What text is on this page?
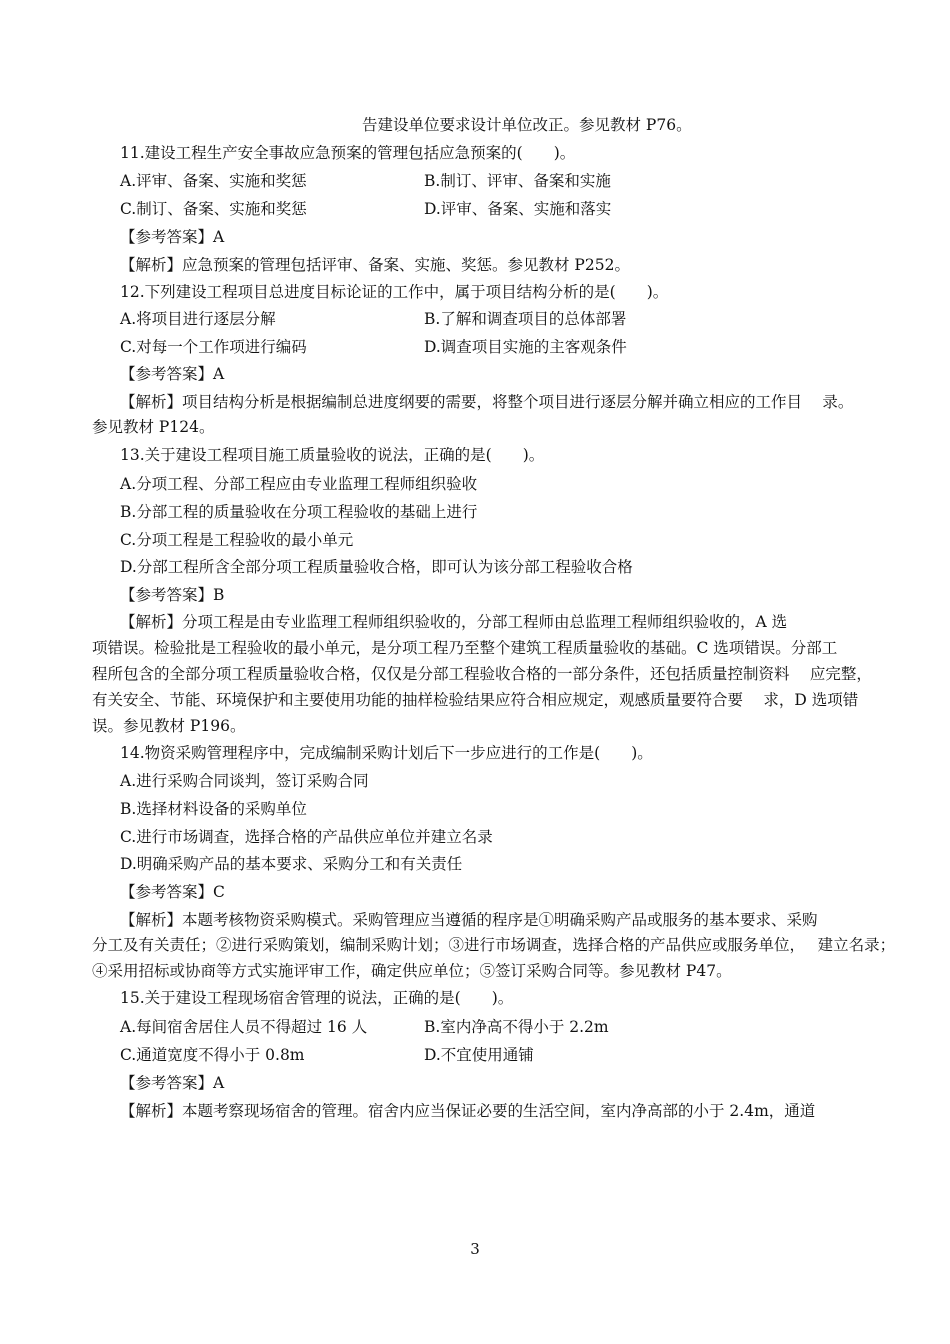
告建设单位要求设计单位改正。参见教材 P76。
11.建设工程生产安全事故应急预案的管理包括应急预案的(　　)。
A.评审、备案、实施和奖惩	B.制订、评审、备案和实施
C.制订、备案、实施和奖惩	D.评审、备案、实施和落实
【参考答案】A
【解析】应急预案的管理包括评审、备案、实施、奖惩。参见教材 P252。
12.下列建设工程项目总进度目标论证的工作中，属于项目结构分析的是(　　)。
A.将项目进行逐层分解	B.了解和调查项目的总体部署
C.对每一个工作项进行编码	D.调查项目实施的主客观条件
【参考答案】A
【解析】项目结构分析是根据编制总进度纲要的需要，将整个项目进行逐层分解并确立相应的工作目　 录。
参见教材 P124。
13.关于建设工程项目施工质量验收的说法，正确的是(　　)。
A.分项工程、分部工程应由专业监理工程师组织验收
B.分部工程的质量验收在分项工程验收的基础上进行
C.分项工程是工程验收的最小单元
D.分部工程所含全部分项工程质量验收合格，即可认为该分部工程验收合格
【参考答案】B
【解析】分项工程是由专业监理工程师组织验收的，分部工程师由总监理工程师组织验收的，A 选
项错误。检验批是工程验收的最小单元，是分项工程乃至整个建筑工程质量验收的基础。C 选项错误。分部工
程所包含的全部分项工程质量验收合格，仅仅是分部工程验收合格的一部分条件，还包括质量控制资料　 应完整，
有关安全、节能、环境保护和主要使用功能的抽样检验结果应符合相应规定，观感质量要符合要　 求，D 选项错
误。参见教材 P196。
14.物资采购管理程序中，完成编制采购计划后下一步应进行的工作是(　　)。
A.进行采购合同谈判，签订采购合同
B.选择材料设备的采购单位
C.进行市场调查，选择合格的产品供应单位并建立名录
D.明确采购产品的基本要求、采购分工和有关责任
【参考答案】C
【解析】本题考核物资采购模式。采购管理应当遵循的程序是①明确采购产品或服务的基本要求、采购
分工及有关责任；②进行采购策划，编制采购计划；③进行市场调查，选择合格的产品供应或服务单位，　 建立名录；
④采用招标或协商等方式实施评审工作，确定供应单位；⑤签订采购合同等。参见教材 P47。
15.关于建设工程现场宿舍管理的说法，正确的是(　　)。
A.每间宿舍居住人员不得超过 16 人	B.室内净高不得小于 2.2m
C.通道宽度不得小于 0.8m	D.不宜使用通铺
【参考答案】A
【解析】本题考察现场宿舍的管理。宿舍内应当保证必要的生活空间，室内净高部的小于 2.4m，通道
3
